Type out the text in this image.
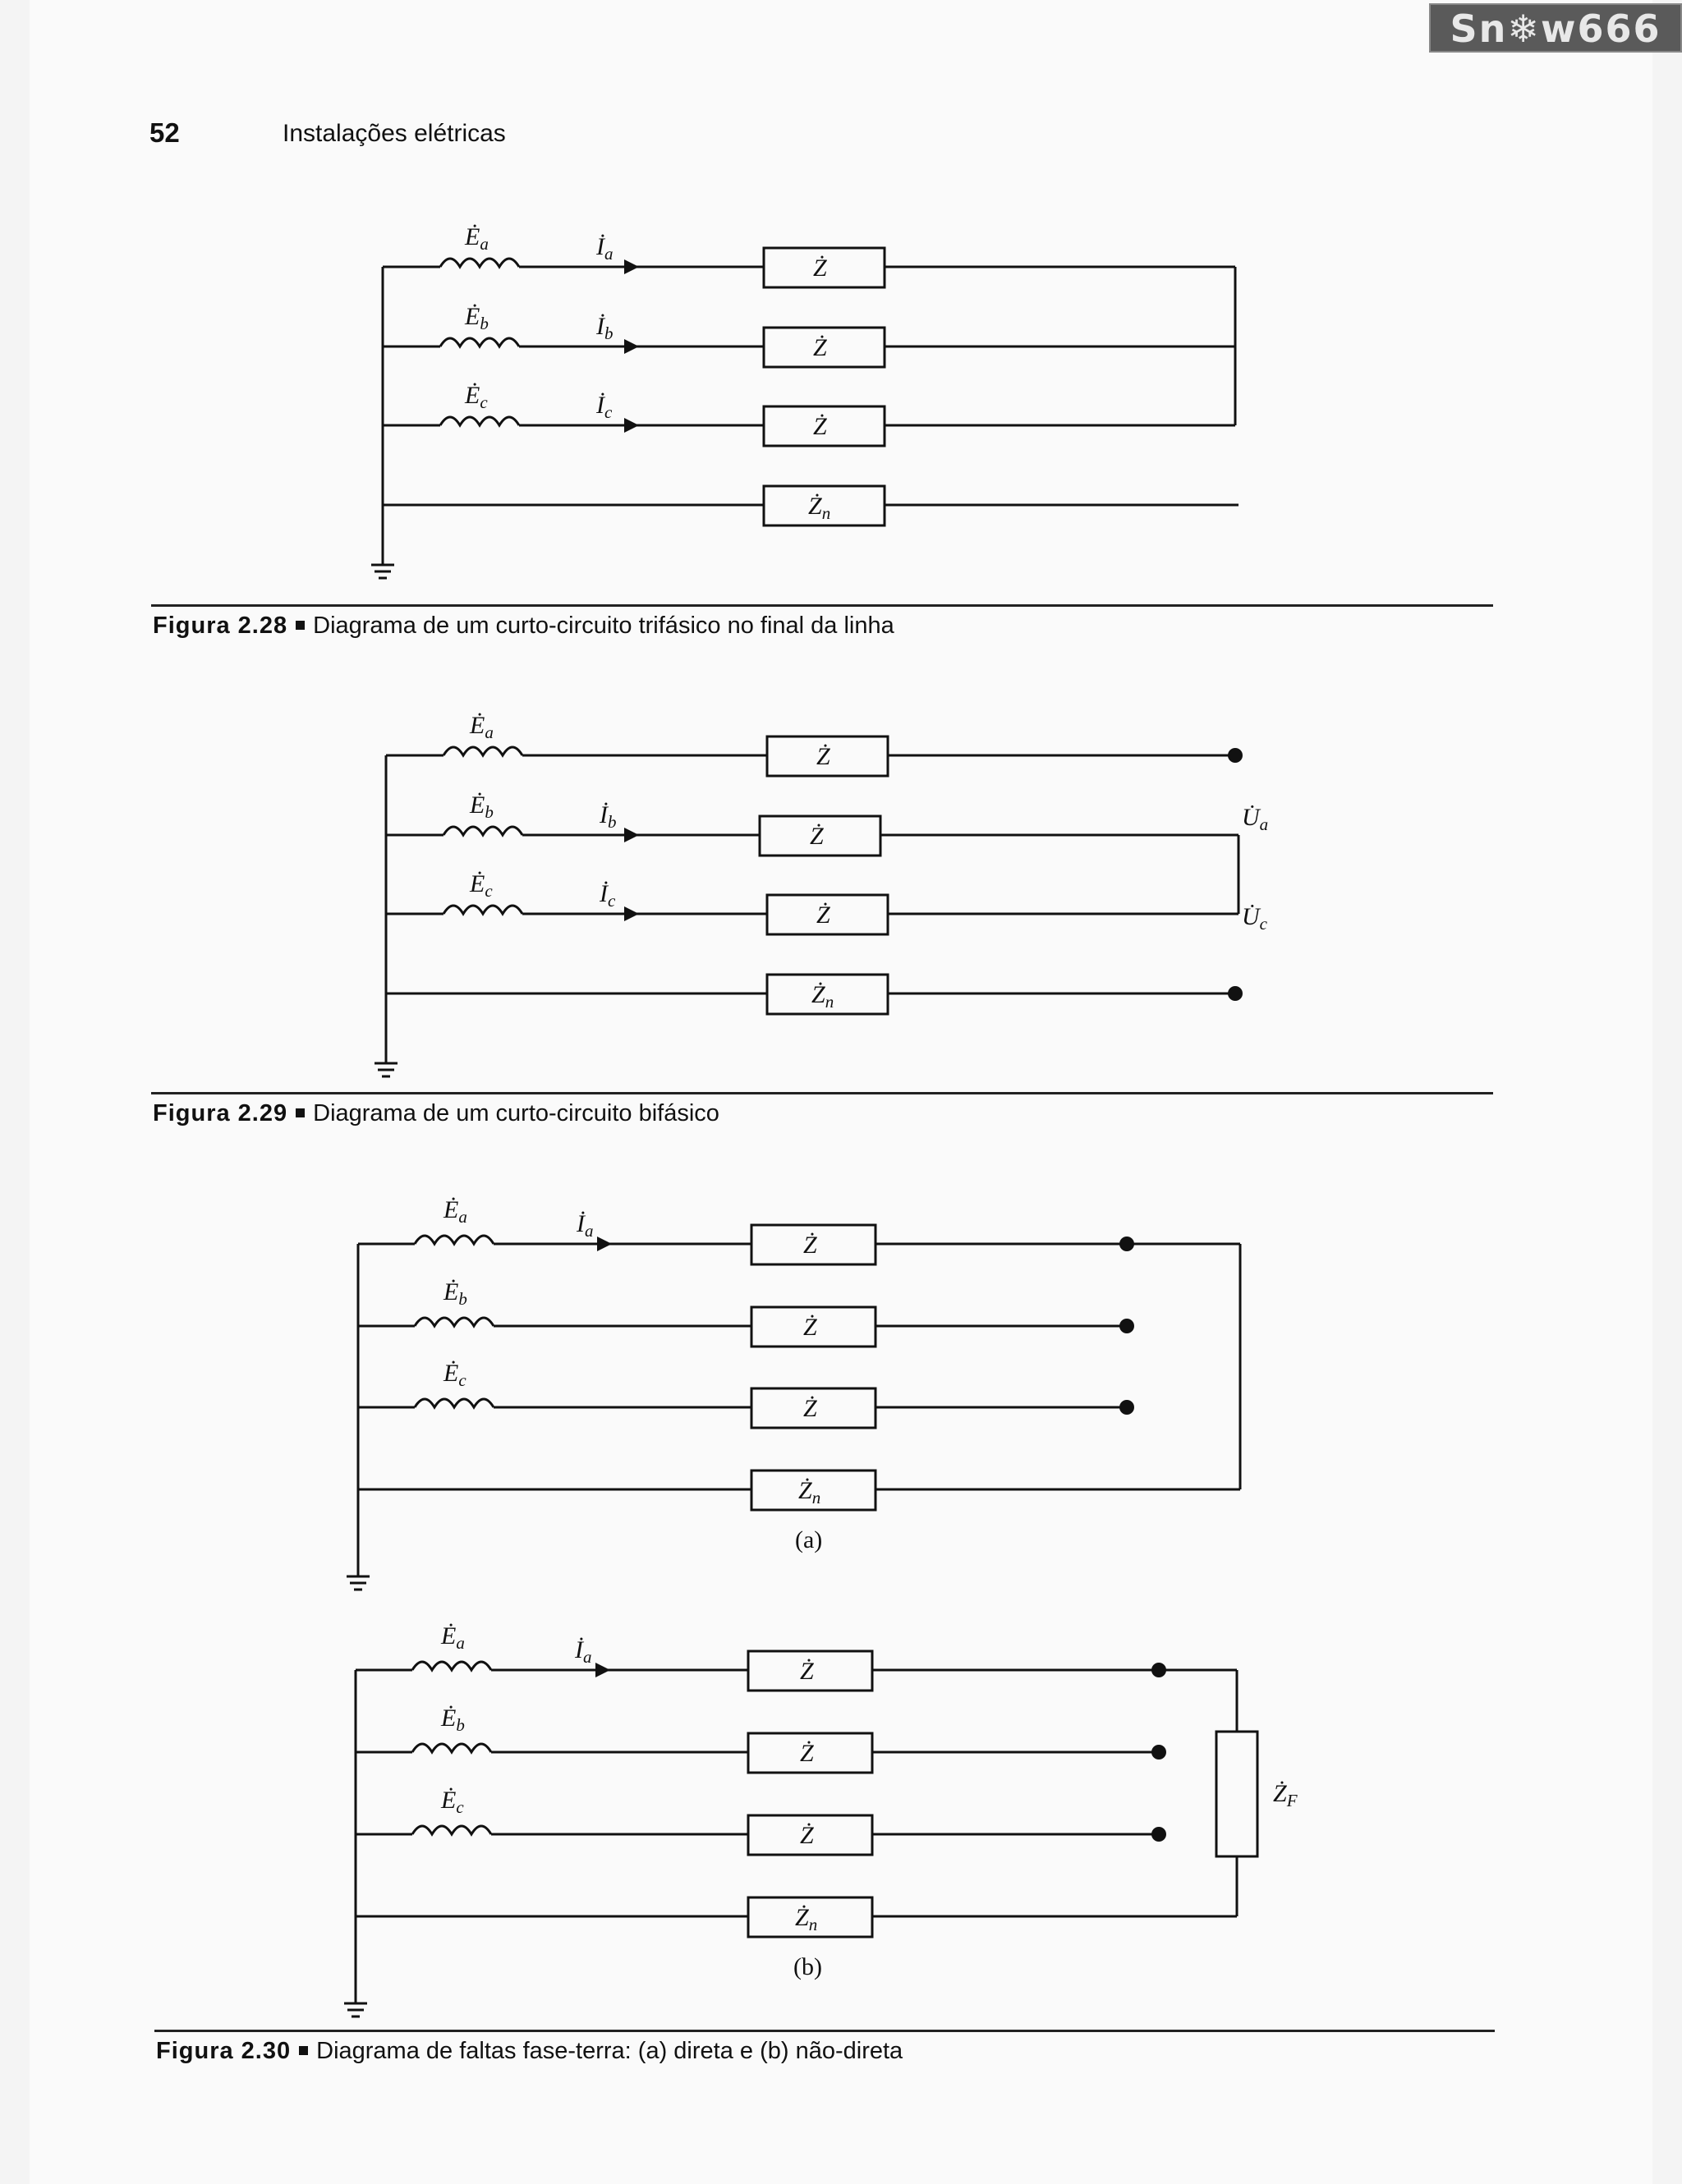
Sn❄w666
52	Instalações elétricas
$Ė_a$
$Ė_b$
$Ė_c$
$İ_a$
$İ_b$
$İ_c$
Ż
Ż
Ż
$Ż_n$
$Ė_a$
$Ė_b$
$Ė_c$
$İ_b$
$İ_c$
Ż
Ż
Ż
$Ż_n$
$U̇_a$
$U̇_c$
$Ė_a$
$Ė_b$
$Ė_c$
$İ_a$
Ż
Ż
Ż
$Ż_n$
(a)
$Ė_a$
$Ė_b$
$Ė_c$
$İ_a$
Ż
Ż
Ż
$Ż_n$
$Ż_F$
(b)
Figura 2.28 Diagrama de um curto-circuito trifásico no final da linha
Figura 2.29 Diagrama de um curto-circuito bifásico
Figura 2.30 Diagrama de faltas fase-terra: (a) direta e (b) não-direta
